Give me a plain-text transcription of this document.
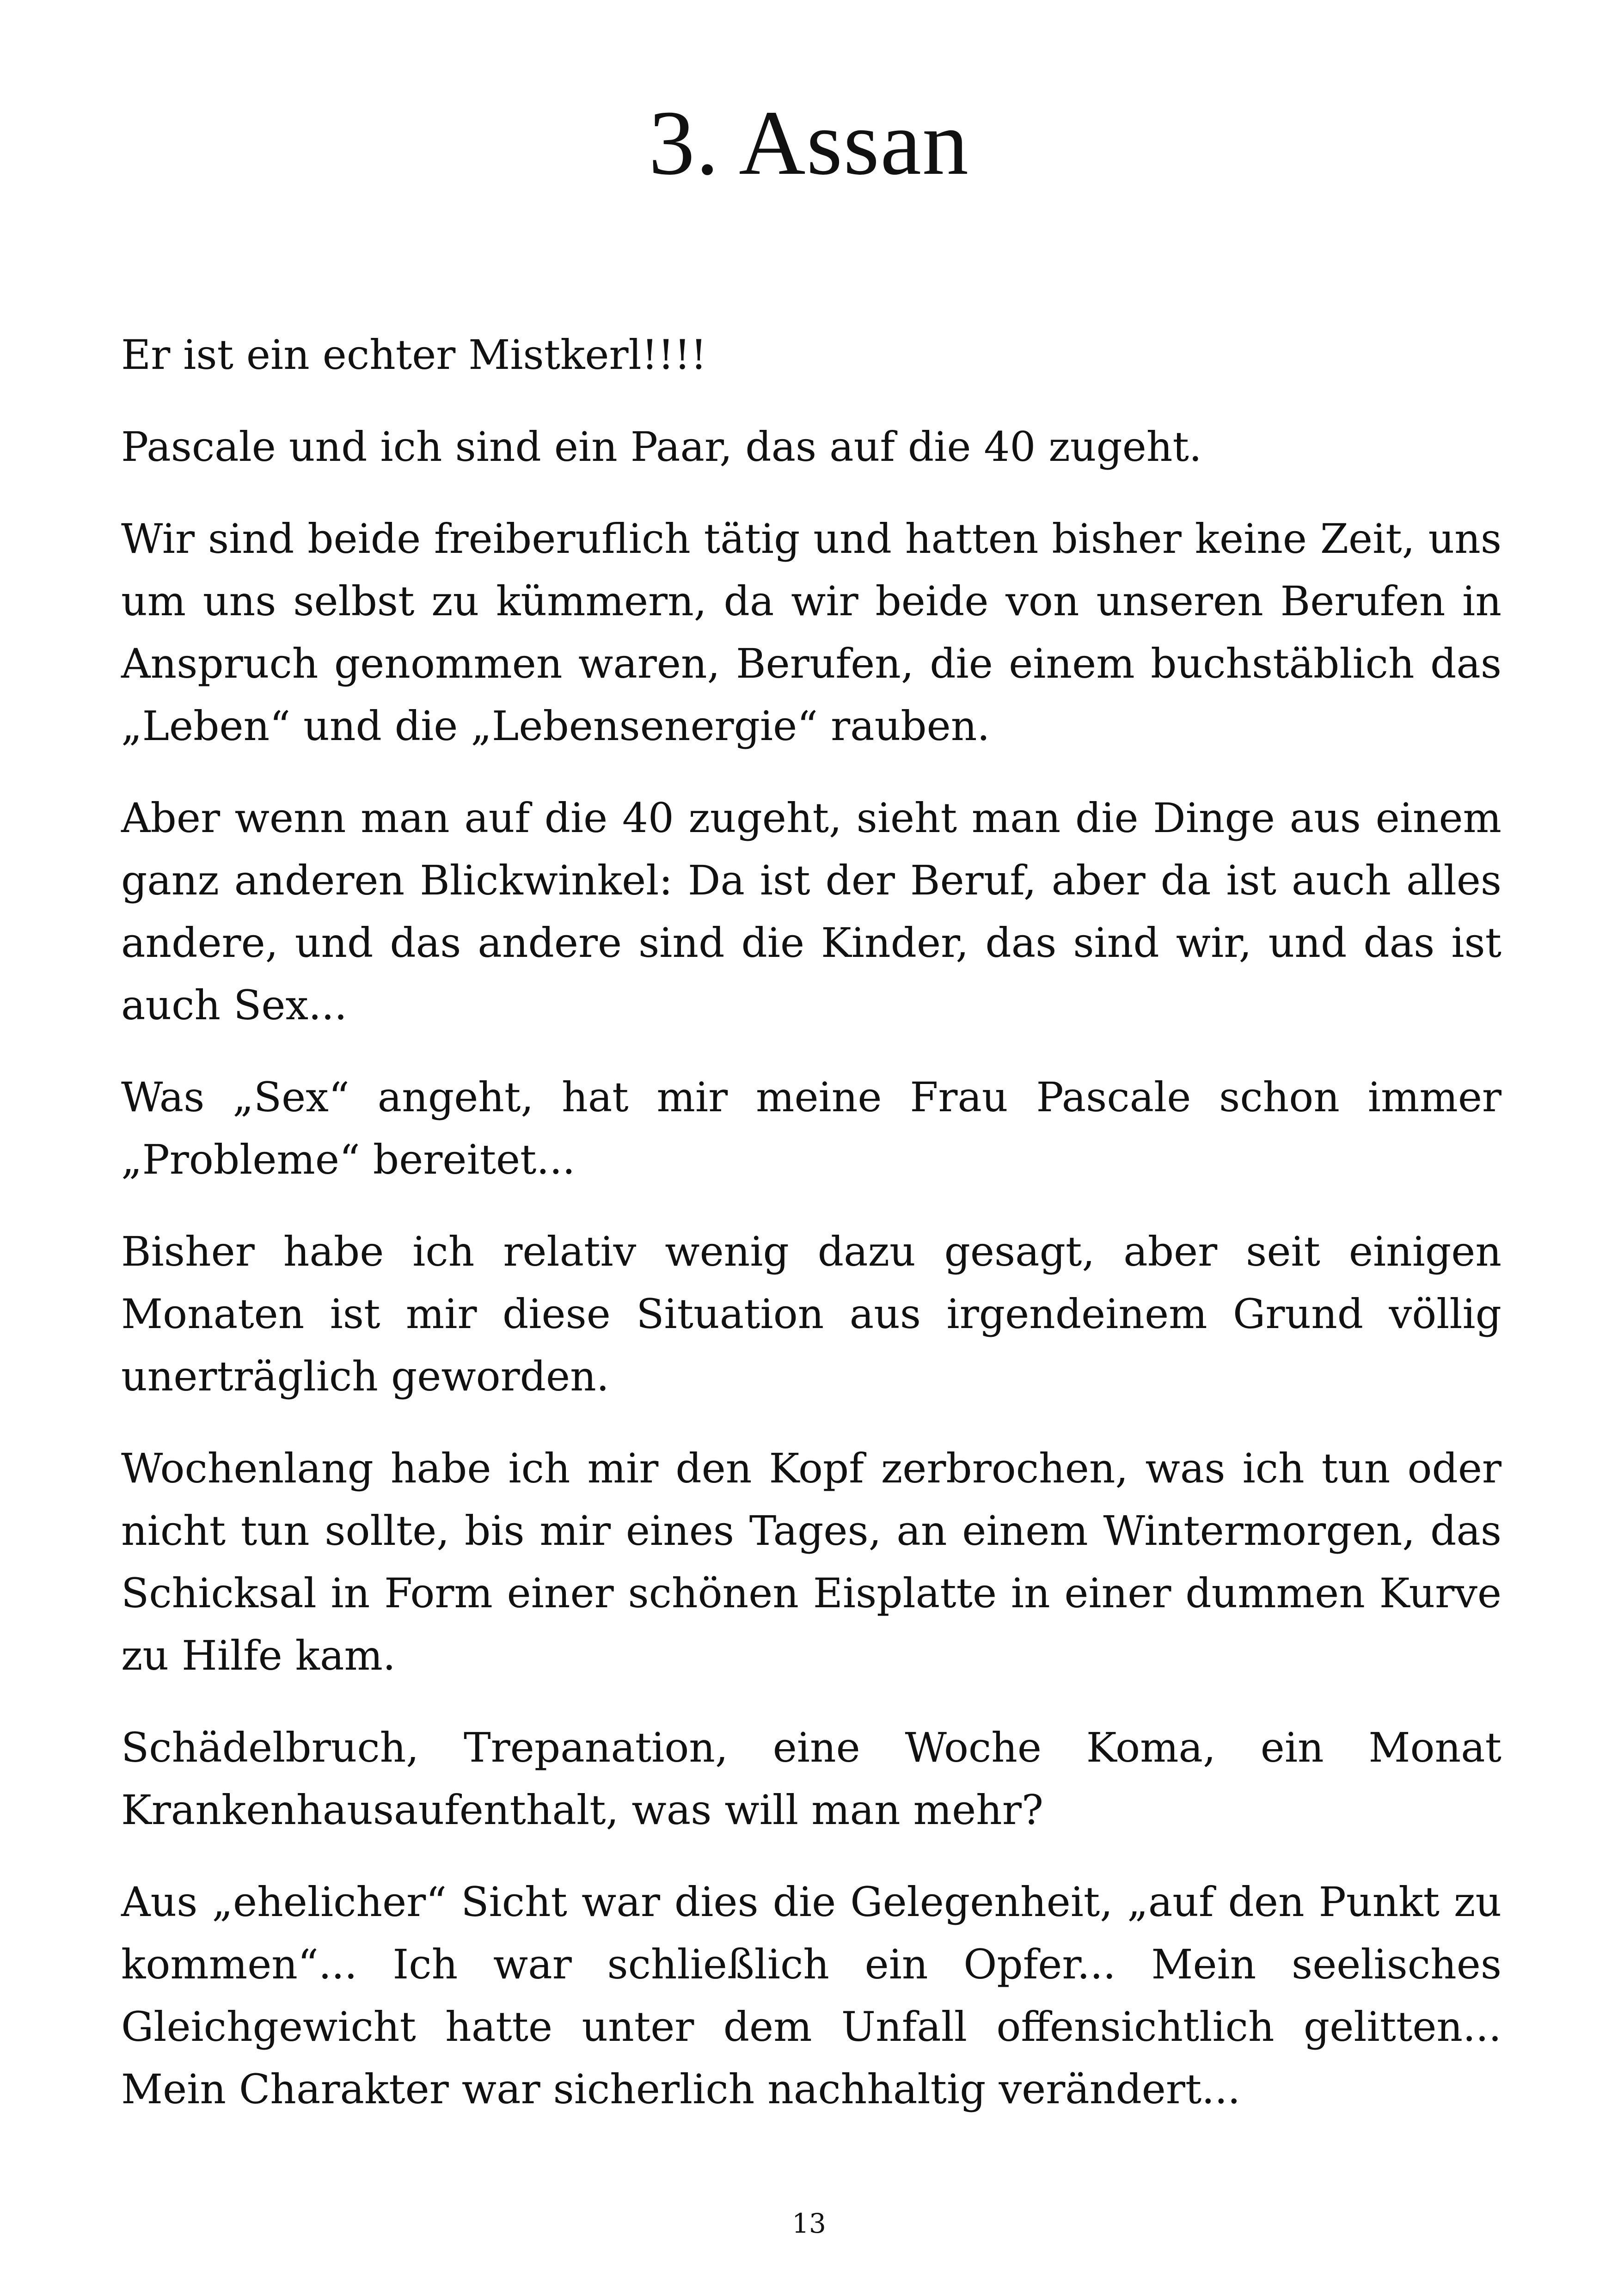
3. Assan

Er ist ein echter Mistkerl!!!!

Pascale und ich sind ein Paar, das auf die 40 zugeht.

Wir sind beide freiberuflich tätig und hatten bisher keine Zeit, uns um uns selbst zu kümmern, da wir beide von unseren Berufen in Anspruch genommen waren, Berufen, die einem buchstäblich das „Leben“ und die „Lebensenergie“ rauben.

Aber wenn man auf die 40 zugeht, sieht man die Dinge aus einem ganz anderen Blickwinkel: Da ist der Beruf, aber da ist auch alles andere, und das andere sind die Kinder, das sind wir, und das ist auch Sex...

Was „Sex“ angeht, hat mir meine Frau Pascale schon immer „Probleme“ bereitet...

Bisher habe ich relativ wenig dazu gesagt, aber seit einigen Monaten ist mir diese Situation aus irgendeinem Grund völlig unerträglich geworden.

Wochenlang habe ich mir den Kopf zerbrochen, was ich tun oder nicht tun sollte, bis mir eines Tages, an einem Wintermorgen, das Schicksal in Form einer schönen Eisplatte in einer dummen Kurve zu Hilfe kam.

Schädelbruch, Trepanation, eine Woche Koma, ein Monat Krankenhausaufenthalt, was will man mehr?

Aus „ehelicher“ Sicht war dies die Gelegenheit, „auf den Punkt zu kommen“... Ich war schließlich ein Opfer... Mein seelisches Gleichgewicht hatte unter dem Unfall offensichtlich gelitten... Mein Charakter war sicherlich nachhaltig verändert...

13
